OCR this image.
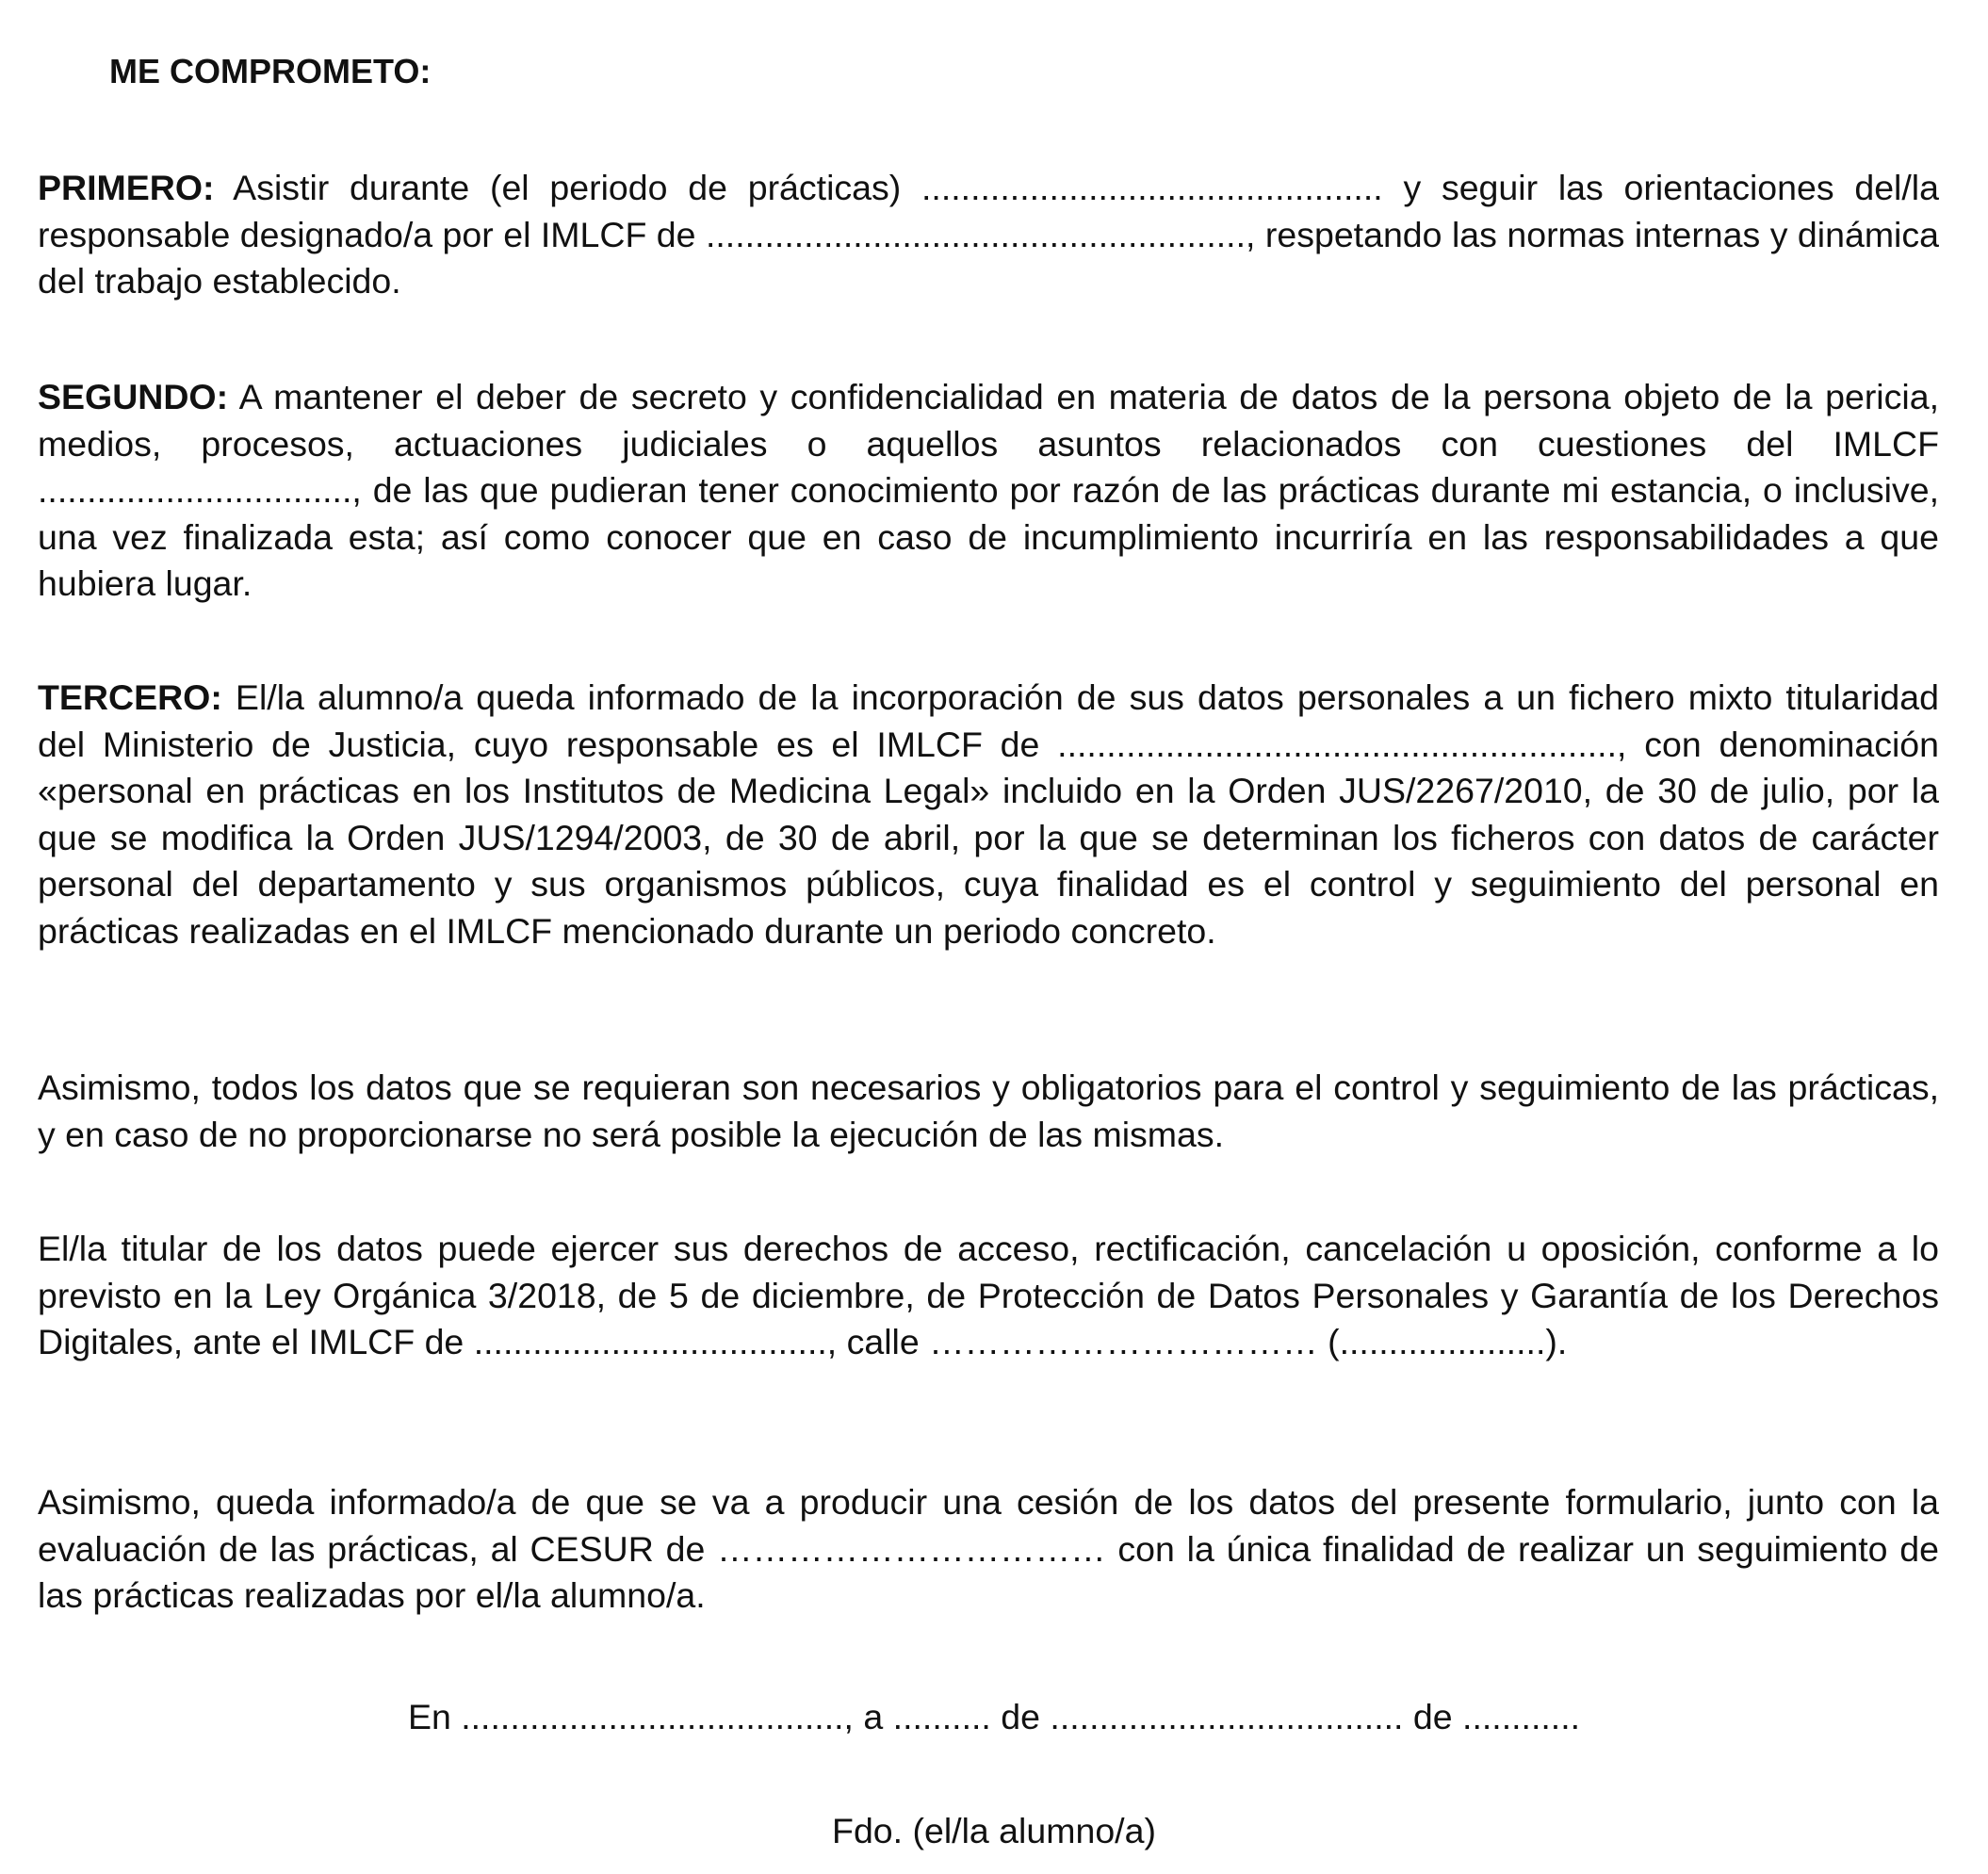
ME COMPROMETO:

PRIMERO: Asistir durante (el periodo de prácticas) ............................................... y seguir las orientaciones del/la responsable designado/a por el IMLCF de ......................................................., respetando las normas internas y dinámica del trabajo establecido.

SEGUNDO: A mantener el deber de secreto y confidencialidad en materia de datos de la persona objeto de la pericia, medios, procesos, actuaciones judiciales o aquellos asuntos relacionados con cuestiones del IMLCF ................................, de las que pudieran tener conocimiento por razón de las prácticas durante mi estancia, o inclusive, una vez finalizada esta; así como conocer que en caso de incumplimiento incurriría en las responsabilidades a que hubiera lugar.

TERCERO: El/la alumno/a queda informado de la incorporación de sus datos personales a un fichero mixto titularidad del Ministerio de Justicia, cuyo responsable es el IMLCF de ........................................................., con denominación «personal en prácticas en los Institutos de Medicina Legal» incluido en la Orden JUS/2267/2010, de 30 de julio, por la que se modifica la Orden JUS/1294/2003, de 30 de abril, por la que se determinan los ficheros con datos de carácter personal del departamento y sus organismos públicos, cuya finalidad es el control y seguimiento del personal en prácticas realizadas en el IMLCF mencionado durante un periodo concreto.

Asimismo, todos los datos que se requieran son necesarios y obligatorios para el control y seguimiento de las prácticas, y en caso de no proporcionarse no será posible la ejecución de las mismas.

El/la titular de los datos puede ejercer sus derechos de acceso, rectificación, cancelación u oposición, conforme a lo previsto en la Ley Orgánica 3/2018, de 5 de diciembre, de Protección de Datos Personales y Garantía de los Derechos Digitales, ante el IMLCF de ...................................., calle …………………………… (.....................).

Asimismo, queda informado/a de que se va a producir una cesión de los datos del presente formulario, junto con la evaluación de las prácticas, al CESUR de …………………………… con la única finalidad de realizar un seguimiento de las prácticas realizadas por el/la alumno/a.

En ......................................., a .......... de .................................... de ............

Fdo. (el/la alumno/a)
